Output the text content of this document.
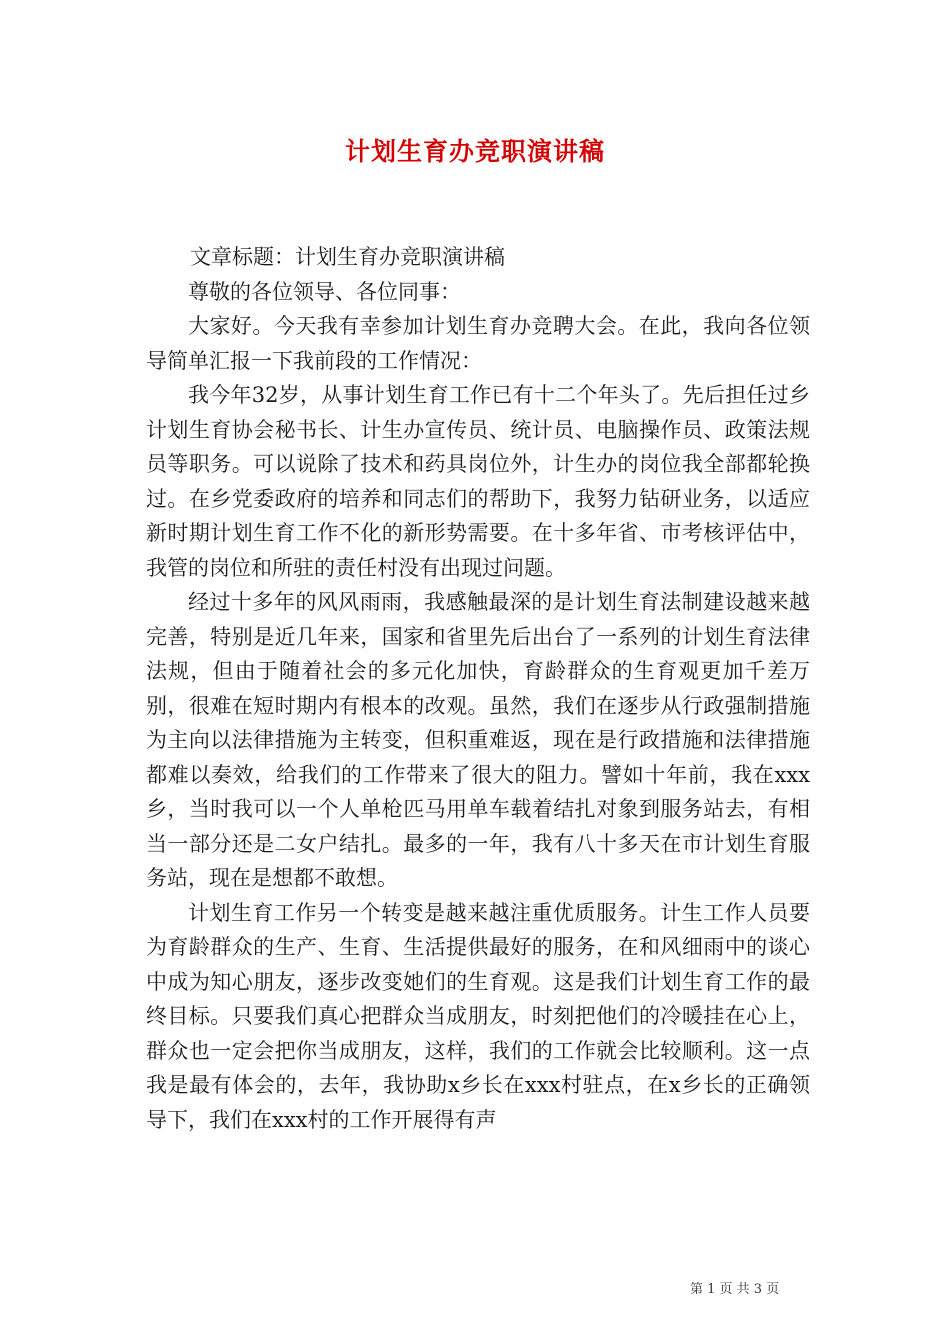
计划生育办竞职演讲稿

文章标题：计划生育办竞职演讲稿

尊敬的各位领导、各位同事：

大家好。今天我有幸参加计划生育办竞聘大会。在此，我向各位领导简单汇报一下我前段的工作情况：

我今年32岁，从事计划生育工作已有十二个年头了。先后担任过乡计划生育协会秘书长、计生办宣传员、统计员、电脑操作员、政策法规员等职务。可以说除了技术和药具岗位外，计生办的岗位我全部都轮换过。在乡党委政府的培养和同志们的帮助下，我努力钻研业务，以适应新时期计划生育工作不化的新形势需要。在十多年省、市考核评估中，我管的岗位和所驻的责任村没有出现过问题。

经过十多年的风风雨雨，我感触最深的是计划生育法制建设越来越完善，特别是近几年来，国家和省里先后出台了一系列的计划生育法律法规，但由于随着社会的多元化加快，育龄群众的生育观更加千差万别，很难在短时期内有根本的改观。虽然，我们在逐步从行政强制措施为主向以法律措施为主转变，但积重难返，现在是行政措施和法律措施都难以奏效，给我们的工作带来了很大的阻力。譬如十年前，我在xxx乡，当时我可以一个人单枪匹马用单车载着结扎对象到服务站去，有相当一部分还是二女户结扎。最多的一年，我有八十多天在市计划生育服务站，现在是想都不敢想。

计划生育工作另一个转变是越来越注重优质服务。计生工作人员要为育龄群众的生产、生育、生活提供最好的服务，在和风细雨中的谈心中成为知心朋友，逐步改变她们的生育观。这是我们计划生育工作的最终目标。只要我们真心把群众当成朋友，时刻把他们的冷暖挂在心上，群众也一定会把你当成朋友，这样，我们的工作就会比较顺利。这一点我是最有体会的，去年，我协助x乡长在xxx村驻点，在x乡长的正确领导下，我们在xxx村的工作开展得有声

第 1 页 共 3 页
